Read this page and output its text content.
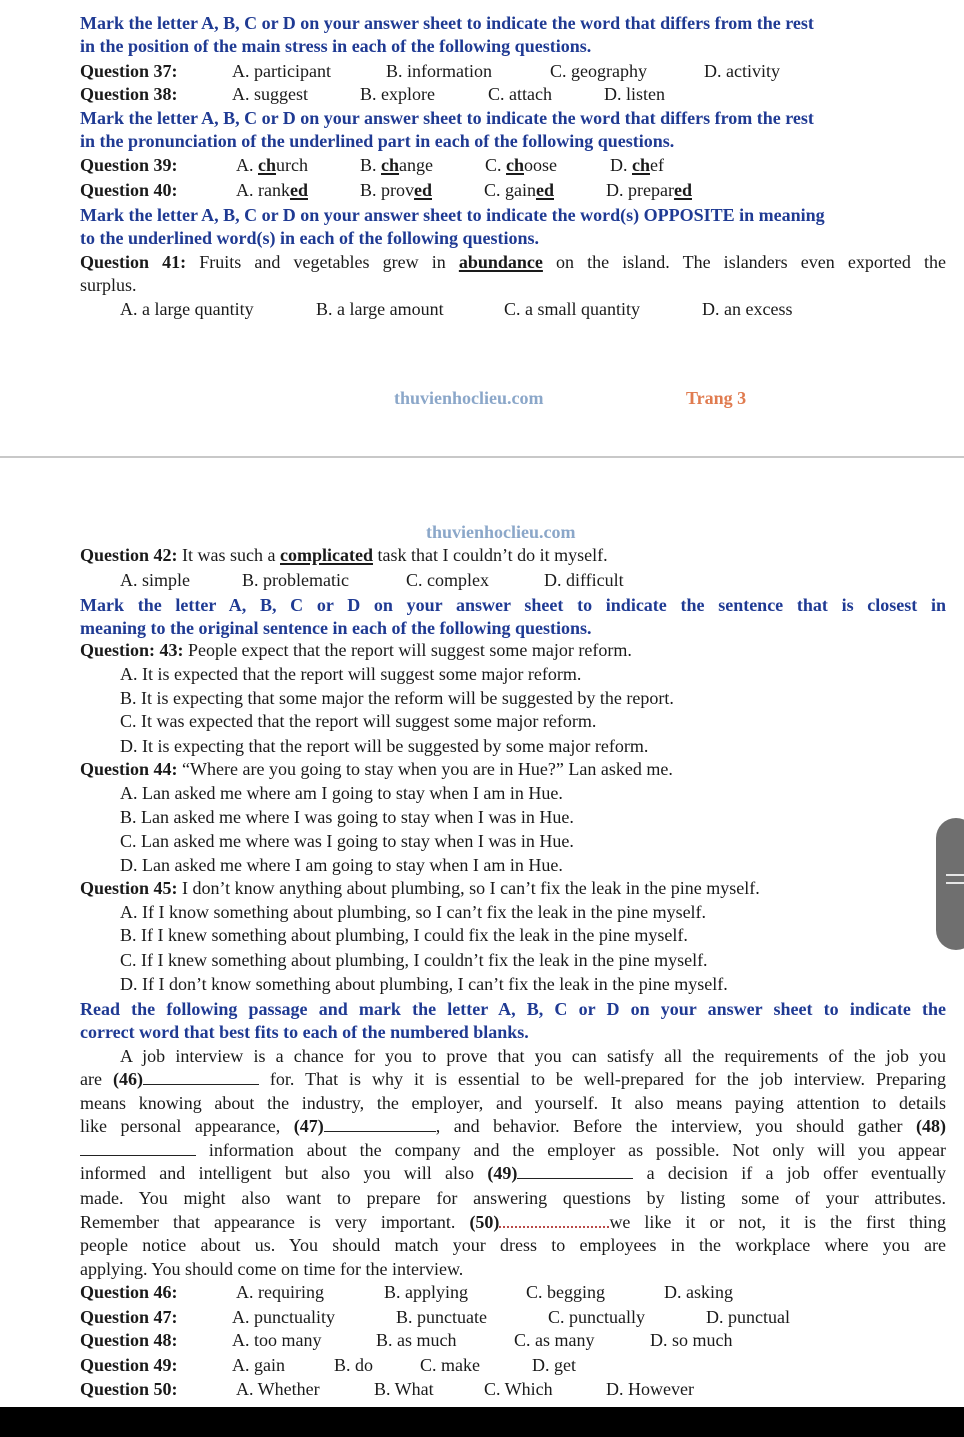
Mark the letter A, B, C or D on your answer sheet to indicate the word that differs from the rest
in the position of the main stress in each of the following questions.
Question 37:	A. participant	B. information	C. geography	D. activity
Question 38:	A. suggest	B. explore	C. attach	D. listen
Mark the letter A, B, C or D on your answer sheet to indicate the word that differs from the rest
in the pronunciation of the underlined part in each of the following questions.
Question 39:	A. church	B. change	C. choose	D. chef
Question 40:	A. ranked	B. proved	C. gained	D. prepared
Mark the letter A, B, C or D on your answer sheet to indicate the word(s) OPPOSITE in meaning
to the underlined word(s) in each of the following questions.
Question 41: Fruits and vegetables grew in abundance on the island. The islanders even exported the
surplus.
A. a large quantity	B. a large amount	C. a small quantity	D. an excess
thuvienhoclieu.com	Trang 3
thuvienhoclieu.com
Question 42: It was such a complicated task that I couldn’t do it myself.
A. simple	B. problematic	C. complex	D. difficult
Mark the letter A, B, C or D on your answer sheet to indicate the sentence that is closest in
meaning to the original sentence in each of the following questions.
Question: 43: People expect that the report will suggest some major reform.
A. It is expected that the report will suggest some major reform.
B. It is expecting that some major the reform will be suggested by the report.
C. It was expected that the report will suggest some major reform.
D. It is expecting that the report will be suggested by some major reform.
Question 44: “Where are you going to stay when you are in Hue?” Lan asked me.
A. Lan asked me where am I going to stay when I am in Hue.
B. Lan asked me where I was going to stay when I was in Hue.
C. Lan asked me where was I going to stay when I was in Hue.
D. Lan asked me where I am going to stay when I am in Hue.
Question 45: I don’t know anything about plumbing, so I can’t fix the leak in the pine myself.
A. If I know something about plumbing, so I can’t fix the leak in the pine myself.
B. If I knew something about plumbing, I could fix the leak in the pine myself.
C. If I knew something about plumbing, I couldn’t fix the leak in the pine myself.
D. If I don’t know something about plumbing, I can’t fix the leak in the pine myself.
Read the following passage and mark the letter A, B, C or D on your answer sheet to indicate the
correct word that best fits to each of the numbered blanks.
A job interview is a chance for you to prove that you can satisfy all the requirements of the job you
are (46)	for. That is why it is essential to be well-prepared for the job interview. Preparing
means knowing about the industry, the employer, and yourself. It also means paying attention to details
like personal appearance, (47)	, and behavior. Before the interview, you should gather (48)
information about the company and the employer as possible. Not only will you appear
informed and intelligent but also you will also (49)	a decision if a job offer eventually
made. You might also want to prepare for answering questions by listing some of your attributes.
Remember that appearance is very important. (50)	we like it or not, it is the first thing
people notice about us. You should match your dress to employees in the workplace where you are
applying. You should come on time for the interview.
Question 46:	A. requiring	B. applying	C. begging	D. asking
Question 47:	A. punctuality	B. punctuate	C. punctually	D. punctual
Question 48:	A. too many	B. as much	C. as many	D. so much
Question 49:	A. gain	B. do	C. make	D. get
Question 50:	A. Whether	B. What	C. Which	D. However
